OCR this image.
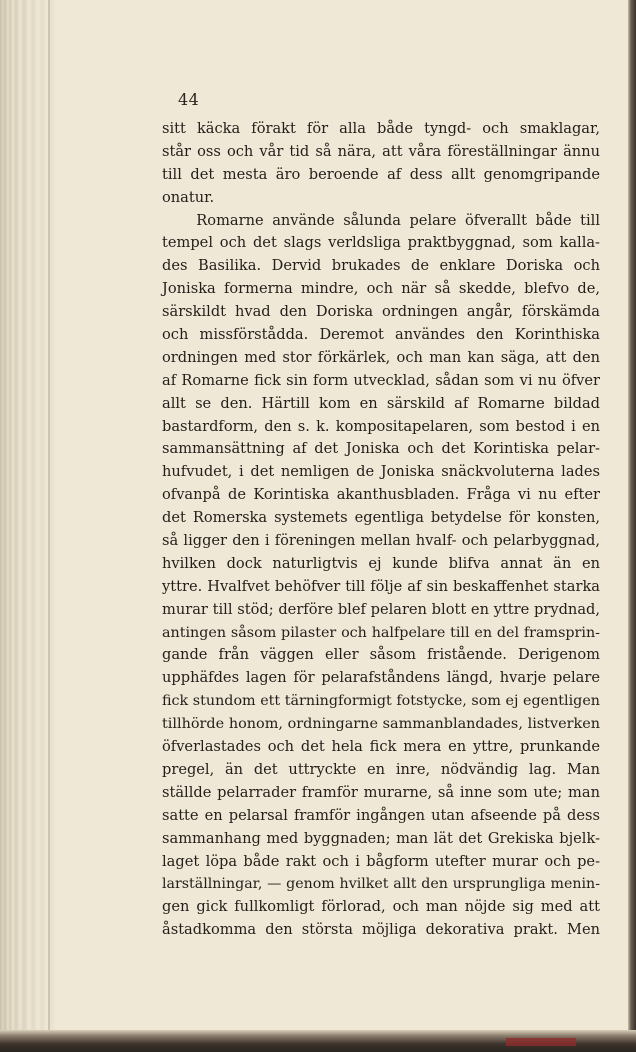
44
sitt käcka förakt för alla både tyngd- och smaklagar,
står oss och vår tid så nära, att våra föreställningar ännu
till det mesta äro beroende af dess allt genomgripande
onatur.
Romarne använde sålunda pelare öfverallt både till
tempel och det slags verldsliga praktbyggnad, som kalla-
des Basilika. Dervid brukades de enklare Doriska och
Joniska formerna mindre, och när så skedde, blefvo de,
särskildt hvad den Doriska ordningen angår, förskämda
och missförstådda. Deremot användes den Korinthiska
ordningen med stor förkärlek, och man kan säga, att den
af Romarne fick sin form utvecklad, sådan som vi nu öfver
allt se den. Härtill kom en särskild af Romarne bildad
bastardform, den s. k. kompositapelaren, som bestod i en
sammansättning af det Joniska och det Korintiska pelar-
hufvudet, i det nemligen de Joniska snäckvoluterna lades
ofvanpå de Korintiska akanthusbladen. Fråga vi nu efter
det Romerska systemets egentliga betydelse för konsten,
så ligger den i föreningen mellan hvalf- och pelarbyggnad,
hvilken dock naturligtvis ej kunde blifva annat än en
yttre. Hvalfvet behöfver till följe af sin beskaffenhet starka
murar till stöd; derföre blef pelaren blott en yttre prydnad,
antingen såsom pilaster och halfpelare till en del framsprin-
gande från väggen eller såsom fristående. Derigenom
upphäfdes lagen för pelarafståndens längd, hvarje pelare
fick stundom ett tärningformigt fotstycke, som ej egentligen
tillhörde honom, ordningarne sammanblandades, listverken
öfverlastades och det hela fick mera en yttre, prunkande
pregel, än det uttryckte en inre, nödvändig lag. Man
ställde pelarrader framför murarne, så inne som ute; man
satte en pelarsal framför ingången utan afseende på dess
sammanhang med byggnaden; man lät det Grekiska bjelk-
laget löpa både rakt och i bågform utefter murar och pe-
larställningar, — genom hvilket allt den ursprungliga menin-
gen gick fullkomligt förlorad, och man nöjde sig med att
åstadkomma den största möjliga dekorativa prakt. Men
